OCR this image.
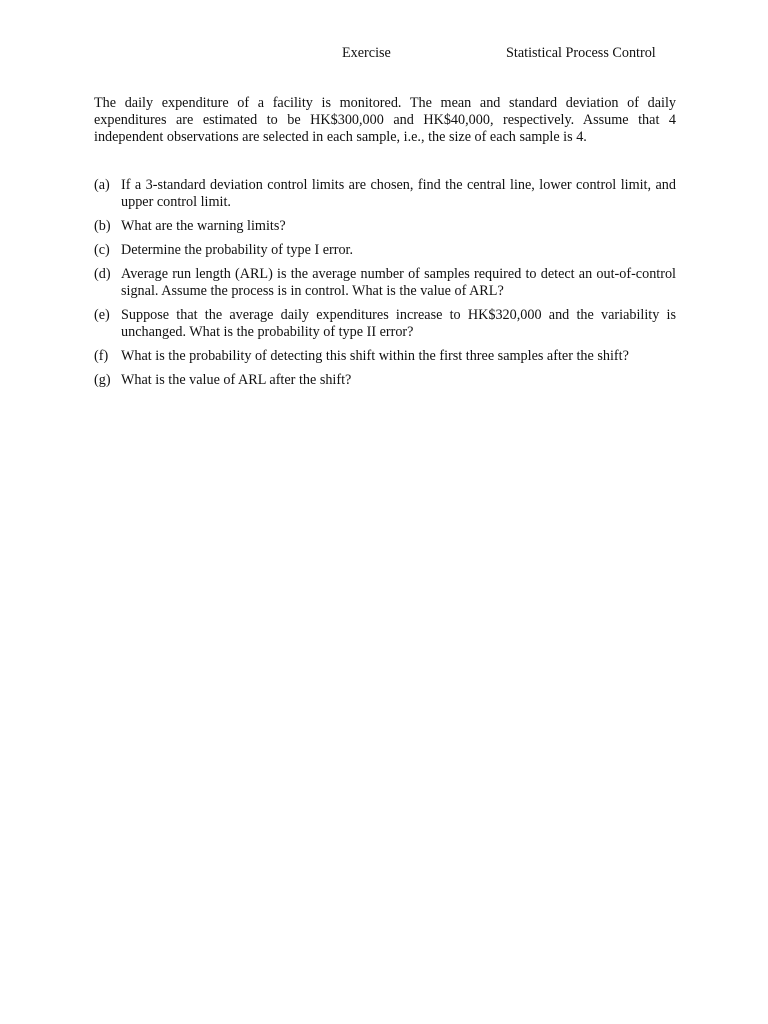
Exercise	Statistical Process Control

The daily expenditure of a facility is monitored. The mean and standard deviation of daily expenditures are estimated to be HK$300,000 and HK$40,000, respectively. Assume that 4 independent observations are selected in each sample, i.e., the size of each sample is 4.

(a) If a 3-standard deviation control limits are chosen, find the central line, lower control limit, and upper control limit.
(b) What are the warning limits?
(c) Determine the probability of type I error.
(d) Average run length (ARL) is the average number of samples required to detect an out-of-control signal. Assume the process is in control. What is the value of ARL?
(e) Suppose that the average daily expenditures increase to HK$320,000 and the variability is unchanged. What is the probability of type II error?
(f) What is the probability of detecting this shift within the first three samples after the shift?
(g) What is the value of ARL after the shift?
